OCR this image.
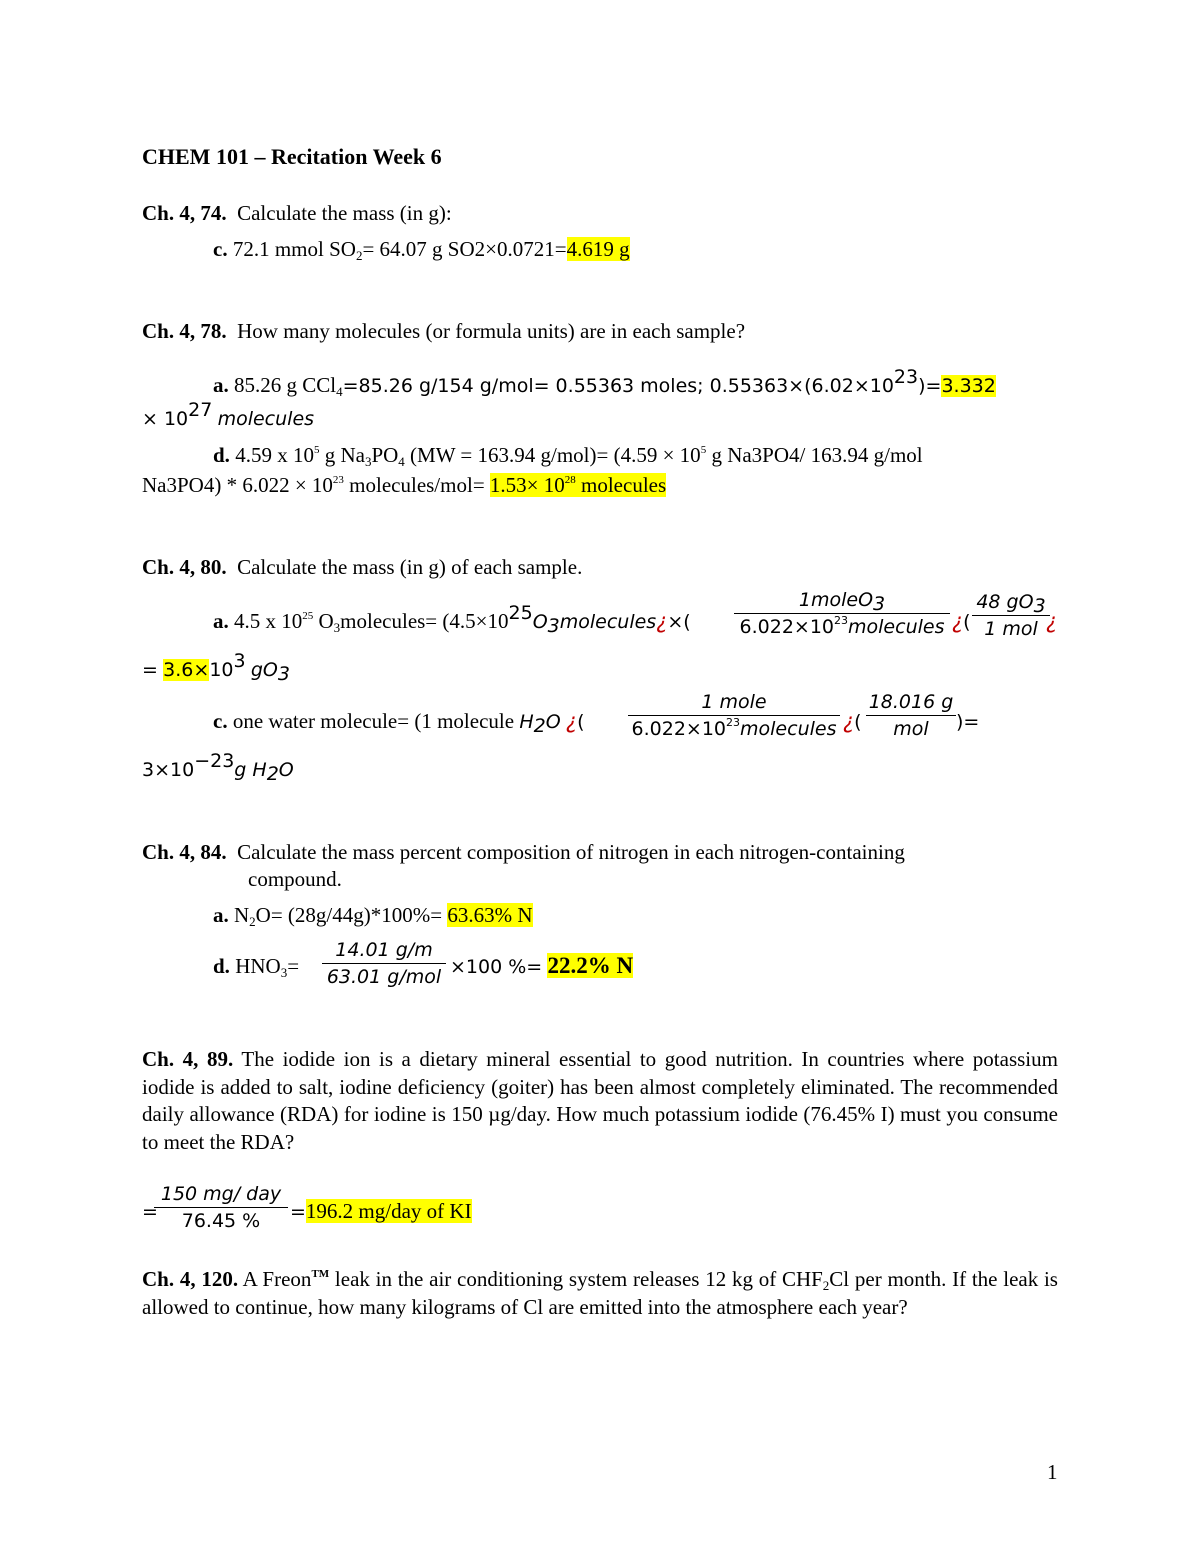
CHEM 101 – Recitation Week 6
Ch. 4, 74. Calculate the mass (in g):
c. 72.1 mmol $SO_2= 64.07$ g SO2×0.0721=4.619 g
Ch. 4, 78. How many molecules (or formula units) are in each sample?
a. 85.26 g CCl$_4$=85.26 g/154 g/mol= 0.55363 moles; $0.55363\times(6.02\times 10^{23})=3.332$
× $10^{27}$ molecules
d. 4.59 x $10^5$ g $Na_3PO_4$ (MW = 163.94 $g/mol)= (4.59 \times 10^5$ g Na3PO4/ 163.94 g/mol
$Na3PO4) * 6.022 \times 10^{23}$ molecules/mol= $1.53\times 10^{28}$ molecules
Ch. 4, 80. Calculate the mass (in g) of each sample.
a. 4.5 x $10^{25}$ $O_3molecules=$ ($4.5\times 10^{25}O_3molecules¿\times$(
1moleO$_3$
$6.022\times 10^{23}molecules$ ¿(
48 $gO_3$
1 mol ¿
= $3.6\times 10^3$ $gO_3$
c. one water molecule= (1 molecule $H_2O$ ¿(
1 mole
$6.022\times 10^{23}molecules$ ¿(
18.016 g
mol	)=
$3\times 10^{-23}g$ $H_2O$
Ch. 4, 84. Calculate the mass percent composition of nitrogen in each nitrogen-containing
compound.
a. $N_2O= (28g/44g)*100\%= 63.63\%$ N
d. $HNO_3=$
14.01 g/m
63.01 g/mol ×100 %= 22.2% N
Ch. 4, 89. The iodide ion is a dietary mineral essential to good nutrition. In countries where potassium iodide is added to salt, iodine deficiency (goiter) has been almost completely eliminated. The recommended daily allowance (RDA) for iodine is 150 µg/day. How much potassium iodide (76.45% I) must you consume to meet the RDA?
=
150 mg/ day
76.45 %	=196.2 mg/day of KI
Ch. 4, 120. A Freon™ leak in the air conditioning system releases 12 kg of $CHF_2Cl$ per month. If the leak is allowed to continue, how many kilograms of Cl are emitted into the atmosphere each year?
1
